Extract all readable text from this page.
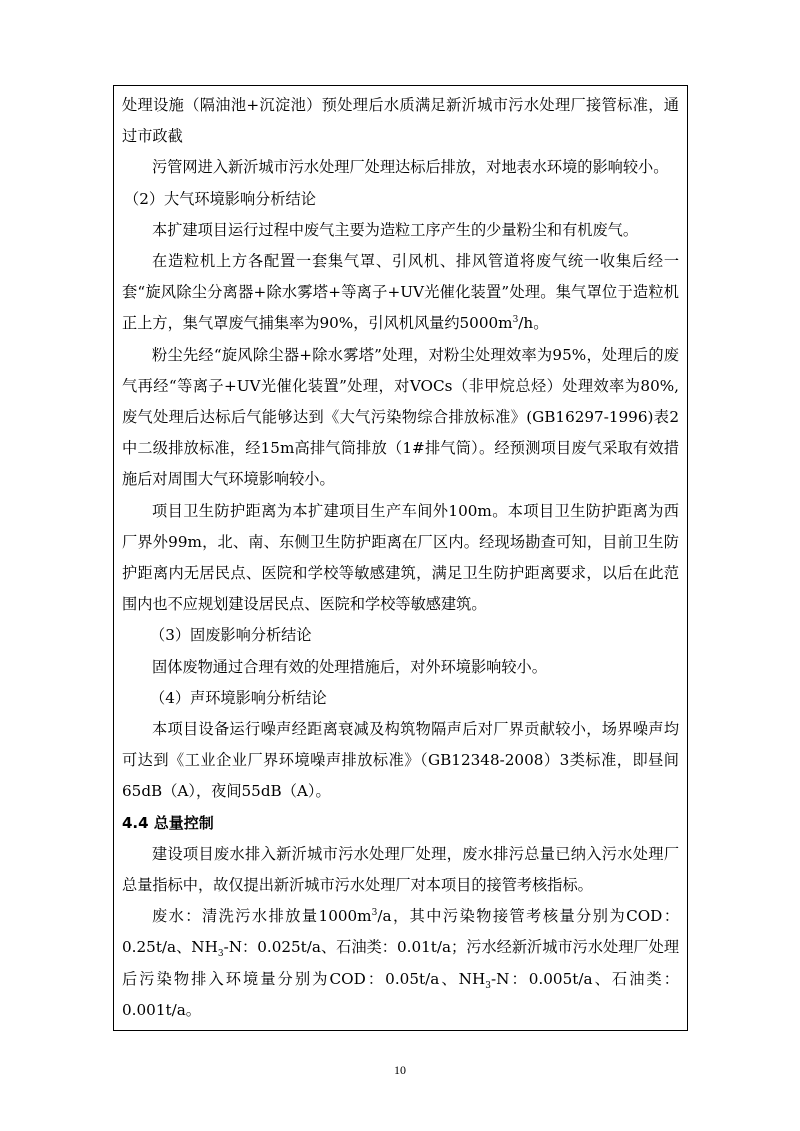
处理设施（隔油池+沉淀池）预处理后水质满足新沂城市污水处理厂接管标准，通过市政截

污管网进入新沂城市污水处理厂处理达标后排放，对地表水环境的影响较小。

（2）大气环境影响分析结论

本扩建项目运行过程中废气主要为造粒工序产生的少量粉尘和有机废气。

在造粒机上方各配置一套集气罩、引风机、排风管道将废气统一收集后经一套“旋风除尘分离器+除水雾塔+等离子+UV光催化装置”处理。集气罩位于造粒机正上方，集气罩废气捕集率为90%，引风机风量约$5000m^3/h$。

粉尘先经“旋风除尘器+除水雾塔”处理，对粉尘处理效率为95%，处理后的废气再经“等离子+UV光催化装置”处理，对VOCs（非甲烷总烃）处理效率为80%,废气处理后达标后气能够达到《大气污染物综合排放标准》(GB16297-1996)表2中二级排放标准，经15m高排气筒排放（1#排气筒）。经预测项目废气采取有效措施后对周围大气环境影响较小。

项目卫生防护距离为本扩建项目生产车间外100m。本项目卫生防护距离为西厂界外99m，北、南、东侧卫生防护距离在厂区内。经现场勘查可知，目前卫生防护距离内无居民点、医院和学校等敏感建筑，满足卫生防护距离要求，以后在此范围内也不应规划建设居民点、医院和学校等敏感建筑。

（3）固废影响分析结论

固体废物通过合理有效的处理措施后，对外环境影响较小。

（4）声环境影响分析结论

本项目设备运行噪声经距离衰减及构筑物隔声后对厂界贡献较小，场界噪声均可达到《工业企业厂界环境噪声排放标准》（GB12348-2008）3类标准，即昼间65dB（A），夜间55dB（A）。

4.4 总量控制

建设项目废水排入新沂城市污水处理厂处理，废水排污总量已纳入污水处理厂总量指标中，故仅提出新沂城市污水处理厂对本项目的接管考核指标。

废水：清洗污水排放量$1000m^3/a$，其中污染物接管考核量分别为COD：0.25t/a、$NH_3-N$：0.025t/a、石油类：0.01t/a；污水经新沂城市污水处理厂处理后污染物排入环境量分别为COD：0.05t/a、$NH_3-N$：0.005t/a、石油类：0.001t/a。

10
